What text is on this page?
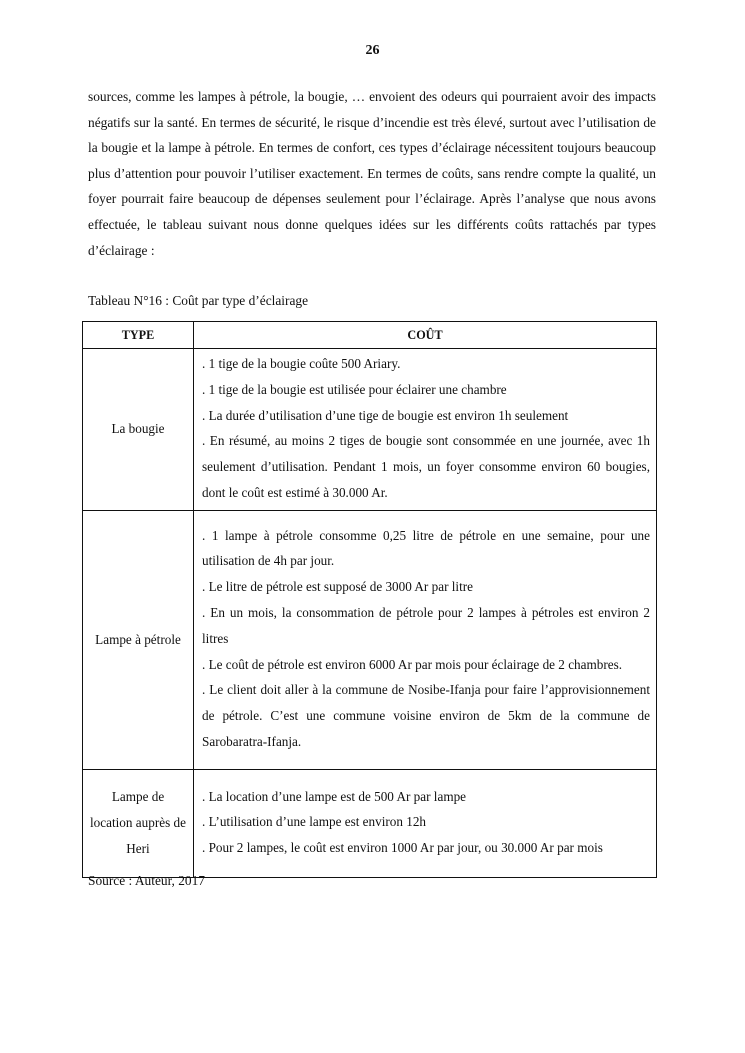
26

sources, comme les lampes à pétrole, la bougie, … envoient des odeurs qui pourraient avoir des impacts négatifs sur la santé. En termes de sécurité, le risque d’incendie est très élevé, surtout avec l’utilisation de la bougie et la lampe à pétrole. En termes de confort, ces types d’éclairage nécessitent toujours beaucoup plus d’attention pour pouvoir l’utiliser exactement. En termes de coûts, sans rendre compte la qualité, un foyer pourrait faire beaucoup de dépenses seulement pour l’éclairage. Après l’analyse que nous avons effectuée, le tableau suivant nous donne quelques idées sur les différents coûts rattachés par types d’éclairage :

Tableau N°16 : Coût par type d’éclairage
TYPE	COÛT
La bougie	. 1 tige de la bougie coûte 500 Ariary.

. 1 tige de la bougie est utilisée pour éclairer une chambre

. La durée d’utilisation d’une tige de bougie est environ 1h seulement

. En résumé, au moins 2 tiges de bougie sont consommée en une journée, avec 1h seulement d’utilisation. Pendant 1 mois, un foyer consomme environ 60 bougies, dont le coût est estimé à 30.000 Ar.

Lampe à pétrole	. 1 lampe à pétrole consomme 0,25 litre de pétrole en une semaine, pour une utilisation de 4h par jour.

. Le litre de pétrole est supposé de 3000 Ar par litre

. En un mois, la consommation de pétrole pour 2 lampes à pétroles est environ 2 litres

. Le coût de pétrole est environ 6000 Ar par mois pour éclairage de 2 chambres.

. Le client doit aller à la commune de Nosibe-Ifanja pour faire l’approvisionnement de pétrole. C’est une commune voisine environ de 5km de la commune de Sarobaratra-Ifanja.

Lampe de location auprès de Heri	. La location d’une lampe est de 500 Ar par lampe

. L’utilisation d’une lampe est environ 12h

. Pour 2 lampes, le coût est environ 1000 Ar par jour, ou 30.000 Ar par mois

Source : Auteur, 2017
